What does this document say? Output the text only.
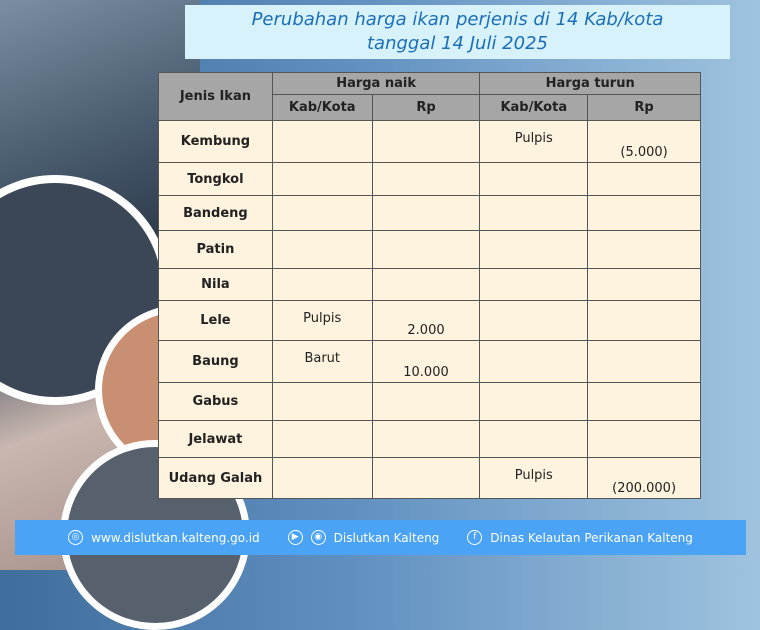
Perubahan harga ikan perjenis di 14 Kab/kota
tanggal 14 Juli 2025
Jenis Ikan	Harga naik		Harga turun	
	Kab/Kota	Rp	Kab/Kota	Rp
Kembung			Pulpis	(5.000)
Tongkol				
Bandeng				
Patin				
Nila				
Lele	Pulpis	2.000		
Baung	Barut	10.000		
Gabus				
Jelawat				
Udang Galah			Pulpis	(200.000)
◎ www.dislutkan.kalteng.go.id	▶	◉ Dislutkan Kalteng	f	Dinas Kelautan Perikanan Kalteng
